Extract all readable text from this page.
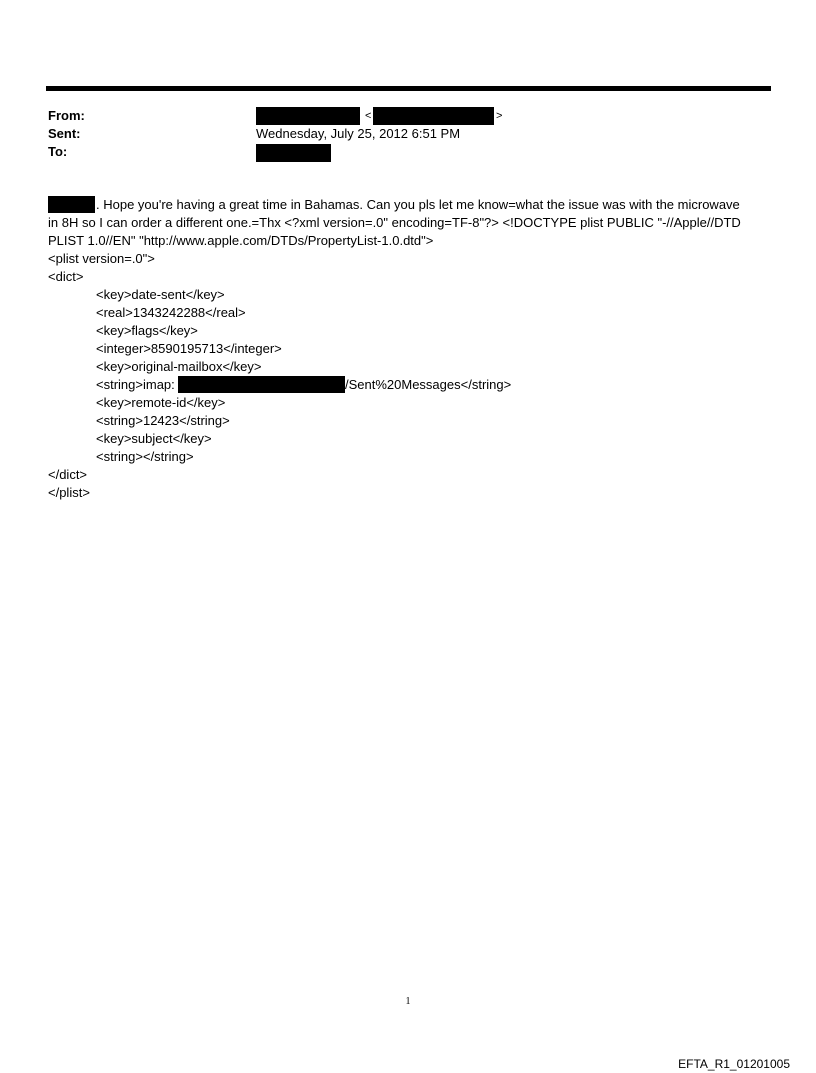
From:
Sent:
To:
<	>
Wednesday, July 25, 2012 6:51 PM
. Hope you're having a great time in Bahamas. Can you pls let me know=what the issue was with the microwave
in 8H so I can order a different one.=Thx <?xml version=.0" encoding=TF-8"?> <!DOCTYPE plist PUBLIC "-//Apple//DTD
PLIST 1.0//EN" "http://www.apple.com/DTDs/PropertyList-1.0.dtd">
<plist version=.0">
<dict>
<key>date-sent</key>
<real>1343242288</real>
<key>flags</key>
<integer>8590195713</integer>
<key>original-mailbox</key>
<string>imap:	/Sent%20Messages</string>
<key>remote-id</key>
<string>12423</string>
<key>subject</key>
<string></string>
</dict>
</plist>
1
EFTA_R1_01201005
